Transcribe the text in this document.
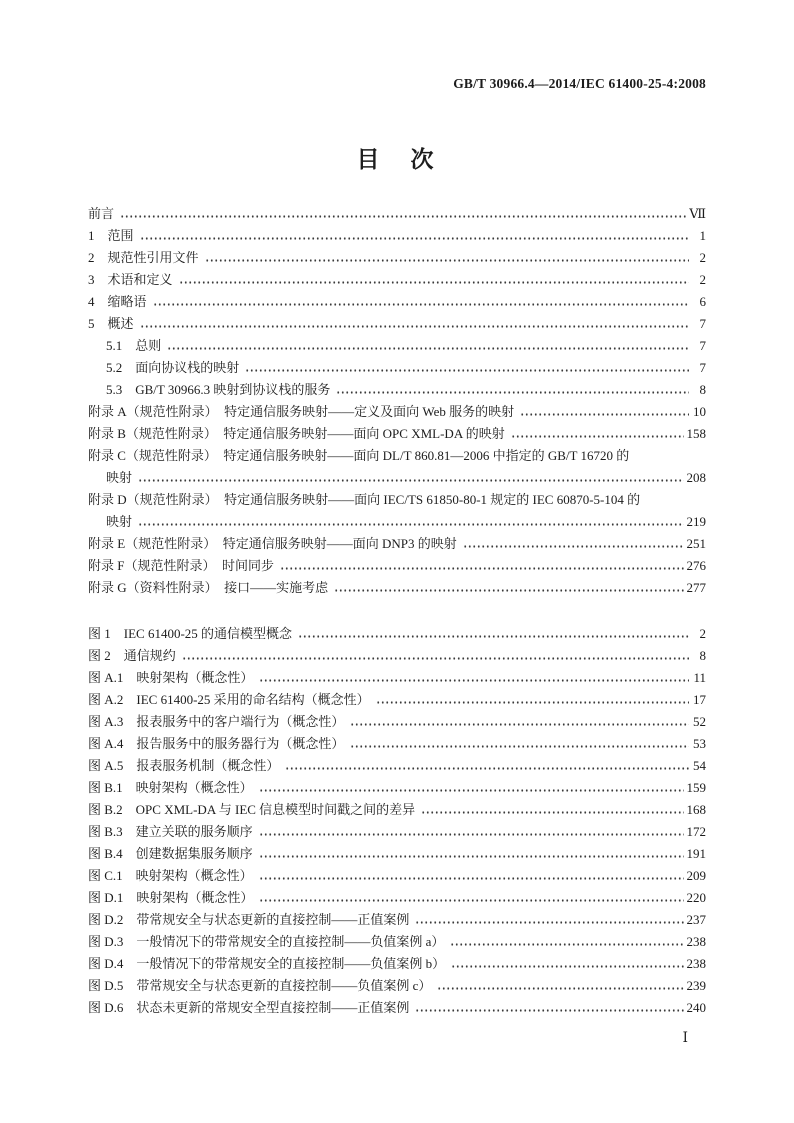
GB/T 30966.4—2014/IEC 61400-25-4:2008
目　次
前言	Ⅶ
1　范围	1
2　规范性引用文件	2
3　术语和定义	2
4　缩略语	6
5　概述	7
5.1　总则	7
5.2　面向协议栈的映射	7
5.3　GB/T 30966.3 映射到协议栈的服务	8
附录 A（规范性附录）　特定通信服务映射——定义及面向 Web 服务的映射	10
附录 B（规范性附录）　特定通信服务映射——面向 OPC XML-DA 的映射	158
附录 C（规范性附录）　特定通信服务映射——面向 DL/T 860.81—2006 中指定的 GB/T 16720 的
映射	208
附录 D（规范性附录）　特定通信服务映射——面向 IEC/TS 61850-80-1 规定的 IEC 60870-5-104 的
映射	219
附录 E（规范性附录）　特定通信服务映射——面向 DNP3 的映射	251
附录 F（规范性附录）　时间同步	276
附录 G（资料性附录）　接口——实施考虑	277
图 1　IEC 61400-25 的通信模型概念	2
图 2　通信规约	8
图 A.1　映射架构（概念性）	11
图 A.2　IEC 61400-25 采用的命名结构（概念性）	17
图 A.3　报表服务中的客户端行为（概念性）	52
图 A.4　报告服务中的服务器行为（概念性）	53
图 A.5　报表服务机制（概念性）	54
图 B.1　映射架构（概念性）	159
图 B.2　OPC XML-DA 与 IEC 信息模型时间戳之间的差异	168
图 B.3　建立关联的服务顺序	172
图 B.4　创建数据集服务顺序	191
图 C.1　映射架构（概念性）	209
图 D.1　映射架构（概念性）	220
图 D.2　带常规安全与状态更新的直接控制——正值案例	237
图 D.3　一般情况下的带常规安全的直接控制——负值案例 a）	238
图 D.4　一般情况下的带常规安全的直接控制——负值案例 b）	238
图 D.5　带常规安全与状态更新的直接控制——负值案例 c）	239
图 D.6　状态未更新的常规安全型直接控制——正值案例	240
Ⅰ
